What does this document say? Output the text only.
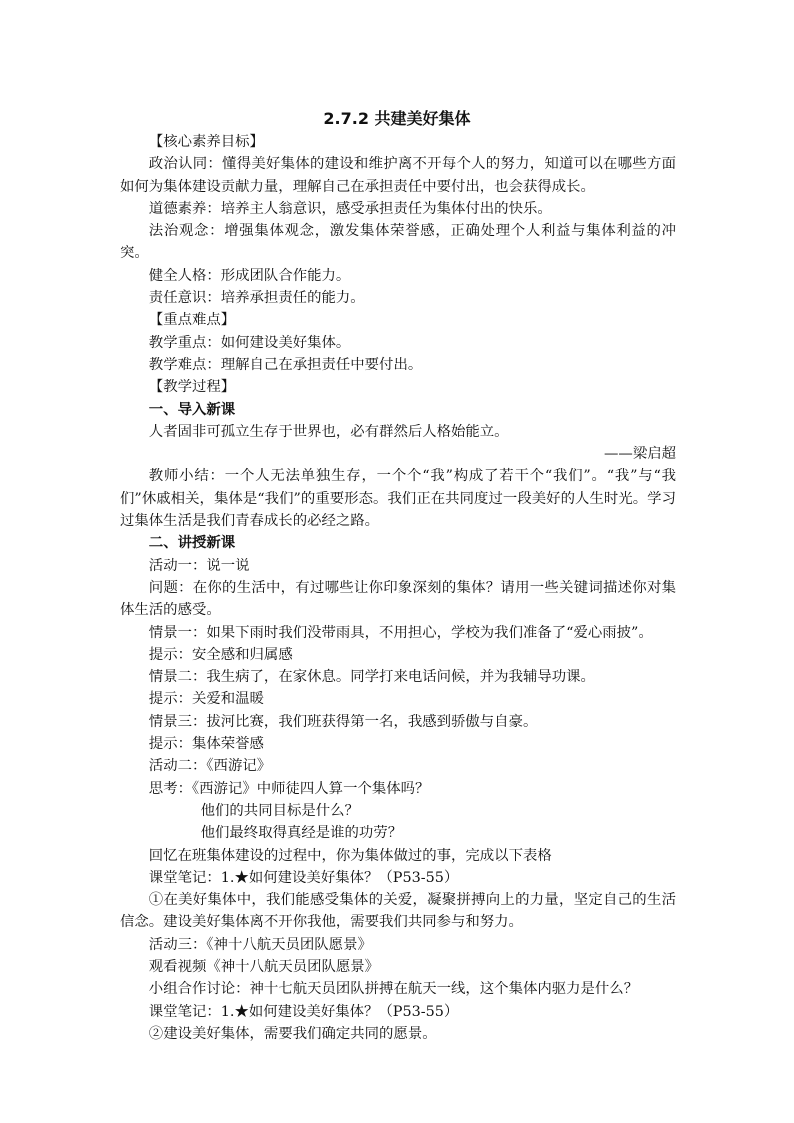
2.7.2 共建美好集体

【核心素养目标】

政治认同：懂得美好集体的建设和维护离不开每个人的努力，知道可以在哪些方面如何为集体建设贡献力量，理解自己在承担责任中要付出，也会获得成长。

道德素养：培养主人翁意识，感受承担责任为集体付出的快乐。

法治观念：增强集体观念，激发集体荣誉感，正确处理个人利益与集体利益的冲突。

健全人格：形成团队合作能力。

责任意识：培养承担责任的能力。

【重点难点】

教学重点：如何建设美好集体。

教学难点：理解自己在承担责任中要付出。

【教学过程】

一、导入新课

人者固非可孤立生存于世界也，必有群然后人格始能立。

——梁启超

教师小结：一个人无法单独生存，一个个“我”构成了若干个“我们”。“我”与“我们”休戚相关，集体是“我们”的重要形态。我们正在共同度过一段美好的人生时光。学习过集体生活是我们青春成长的必经之路。

二、讲授新课

活动一：说一说

问题：在你的生活中，有过哪些让你印象深刻的集体？请用一些关键词描述你对集体生活的感受。

情景一：如果下雨时我们没带雨具，不用担心，学校为我们准备了“爱心雨披”。

提示：安全感和归属感

情景二：我生病了，在家休息。同学打来电话问候，并为我辅导功课。

提示：关爱和温暖

情景三：拔河比赛，我们班获得第一名，我感到骄傲与自豪。

提示：集体荣誉感

活动二：《西游记》

思考：《西游记》中师徒四人算一个集体吗？

他们的共同目标是什么？

他们最终取得真经是谁的功劳？

回忆在班集体建设的过程中，你为集体做过的事，完成以下表格

课堂笔记：1.★如何建设美好集体？（P53-55）

①在美好集体中，我们能感受集体的关爱，凝聚拼搏向上的力量，坚定自己的生活信念。建设美好集体离不开你我他，需要我们共同参与和努力。

活动三：《神十八航天员团队愿景》

观看视频《神十八航天员团队愿景》

小组合作讨论：神十七航天员团队拼搏在航天一线，这个集体内驱力是什么？

课堂笔记：1.★如何建设美好集体？（P53-55）

②建设美好集体，需要我们确定共同的愿景。
